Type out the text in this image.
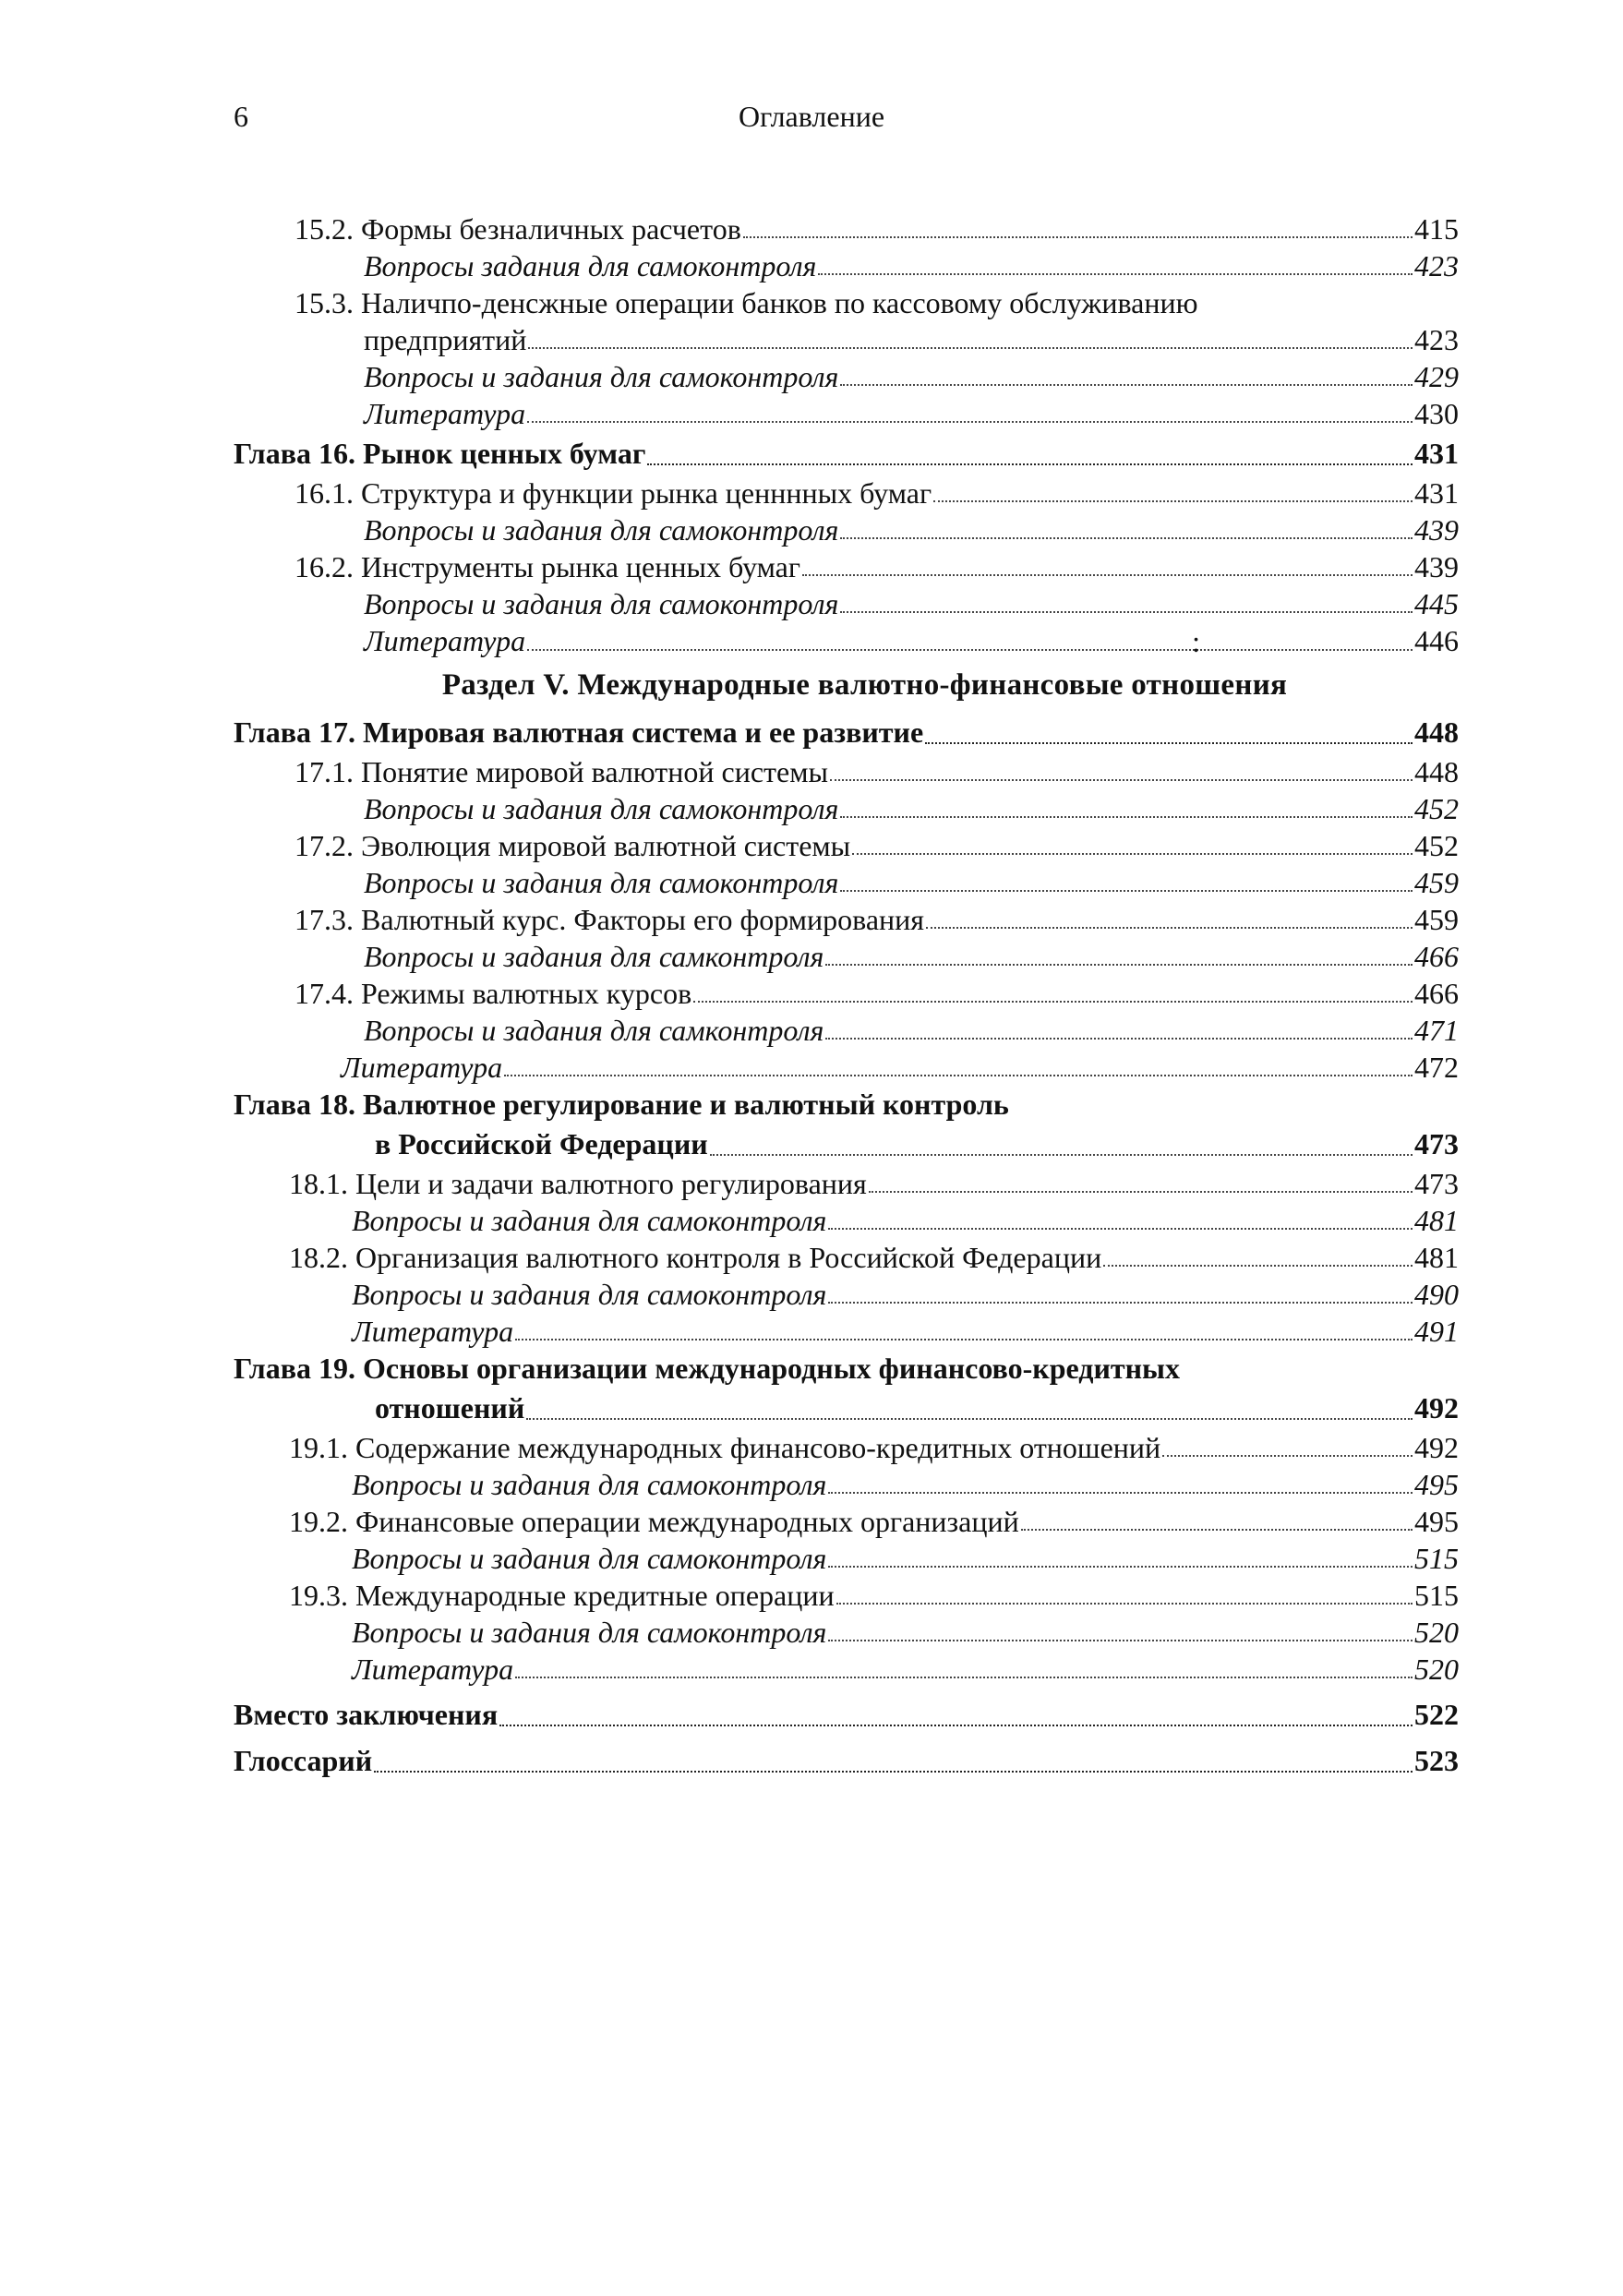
6	Оглавление
15.2. Формы безналичных расчетов	415
Вопросы задания для самоконтроля	423
15.3. Наличпо-денсжные операции банков по кассовому обслуживанию
предприятий	423
Вопросы и задания для самоконтроля	429
Литература	430
Глава 16. Рынок ценных бумаг	431
16.1. Структура и функции рынка ценннных бумаг	431
Вопросы и задания для самоконтроля	439
16.2. Инструменты рынка ценных бумаг	439
Вопросы и задания для самоконтроля	445
Литература	:	446
Раздел V. Международные валютно-финансовые отношения
Глава 17. Мировая валютная система и ее развитие	448
17.1. Понятие мировой валютной системы	448
Вопросы и задания для самоконтроля	452
17.2. Эволюция мировой валютной системы	452
Вопросы и задания для самоконтроля	459
17.3. Валютный курс. Факторы его формирования	459
Вопросы и задания для самконтроля	466
17.4. Режимы валютных курсов	466
Вопросы и задания для самконтроля	471
Литература	472
Глава 18. Валютное регулирование и валютный контроль
в Российской Федерации	473
18.1. Цели и задачи валютного регулирования	473
Вопросы и задания для самоконтроля	481
18.2. Организация валютного контроля в Российской Федерации	481
Вопросы и задания для самоконтроля	490
Литература	491
Глава 19. Основы организации международных финансово-кредитных
отношений	492
19.1. Содержание международных финансово-кредитных отношений	492
Вопросы и задания для самоконтроля	495
19.2. Финансовые операции международных организаций	495
Вопросы и задания для самоконтроля	515
19.3. Международные кредитные операции	515
Вопросы и задания для самоконтроля	520
Литература	520
Вместо заключения	522
Глоссарий	523
